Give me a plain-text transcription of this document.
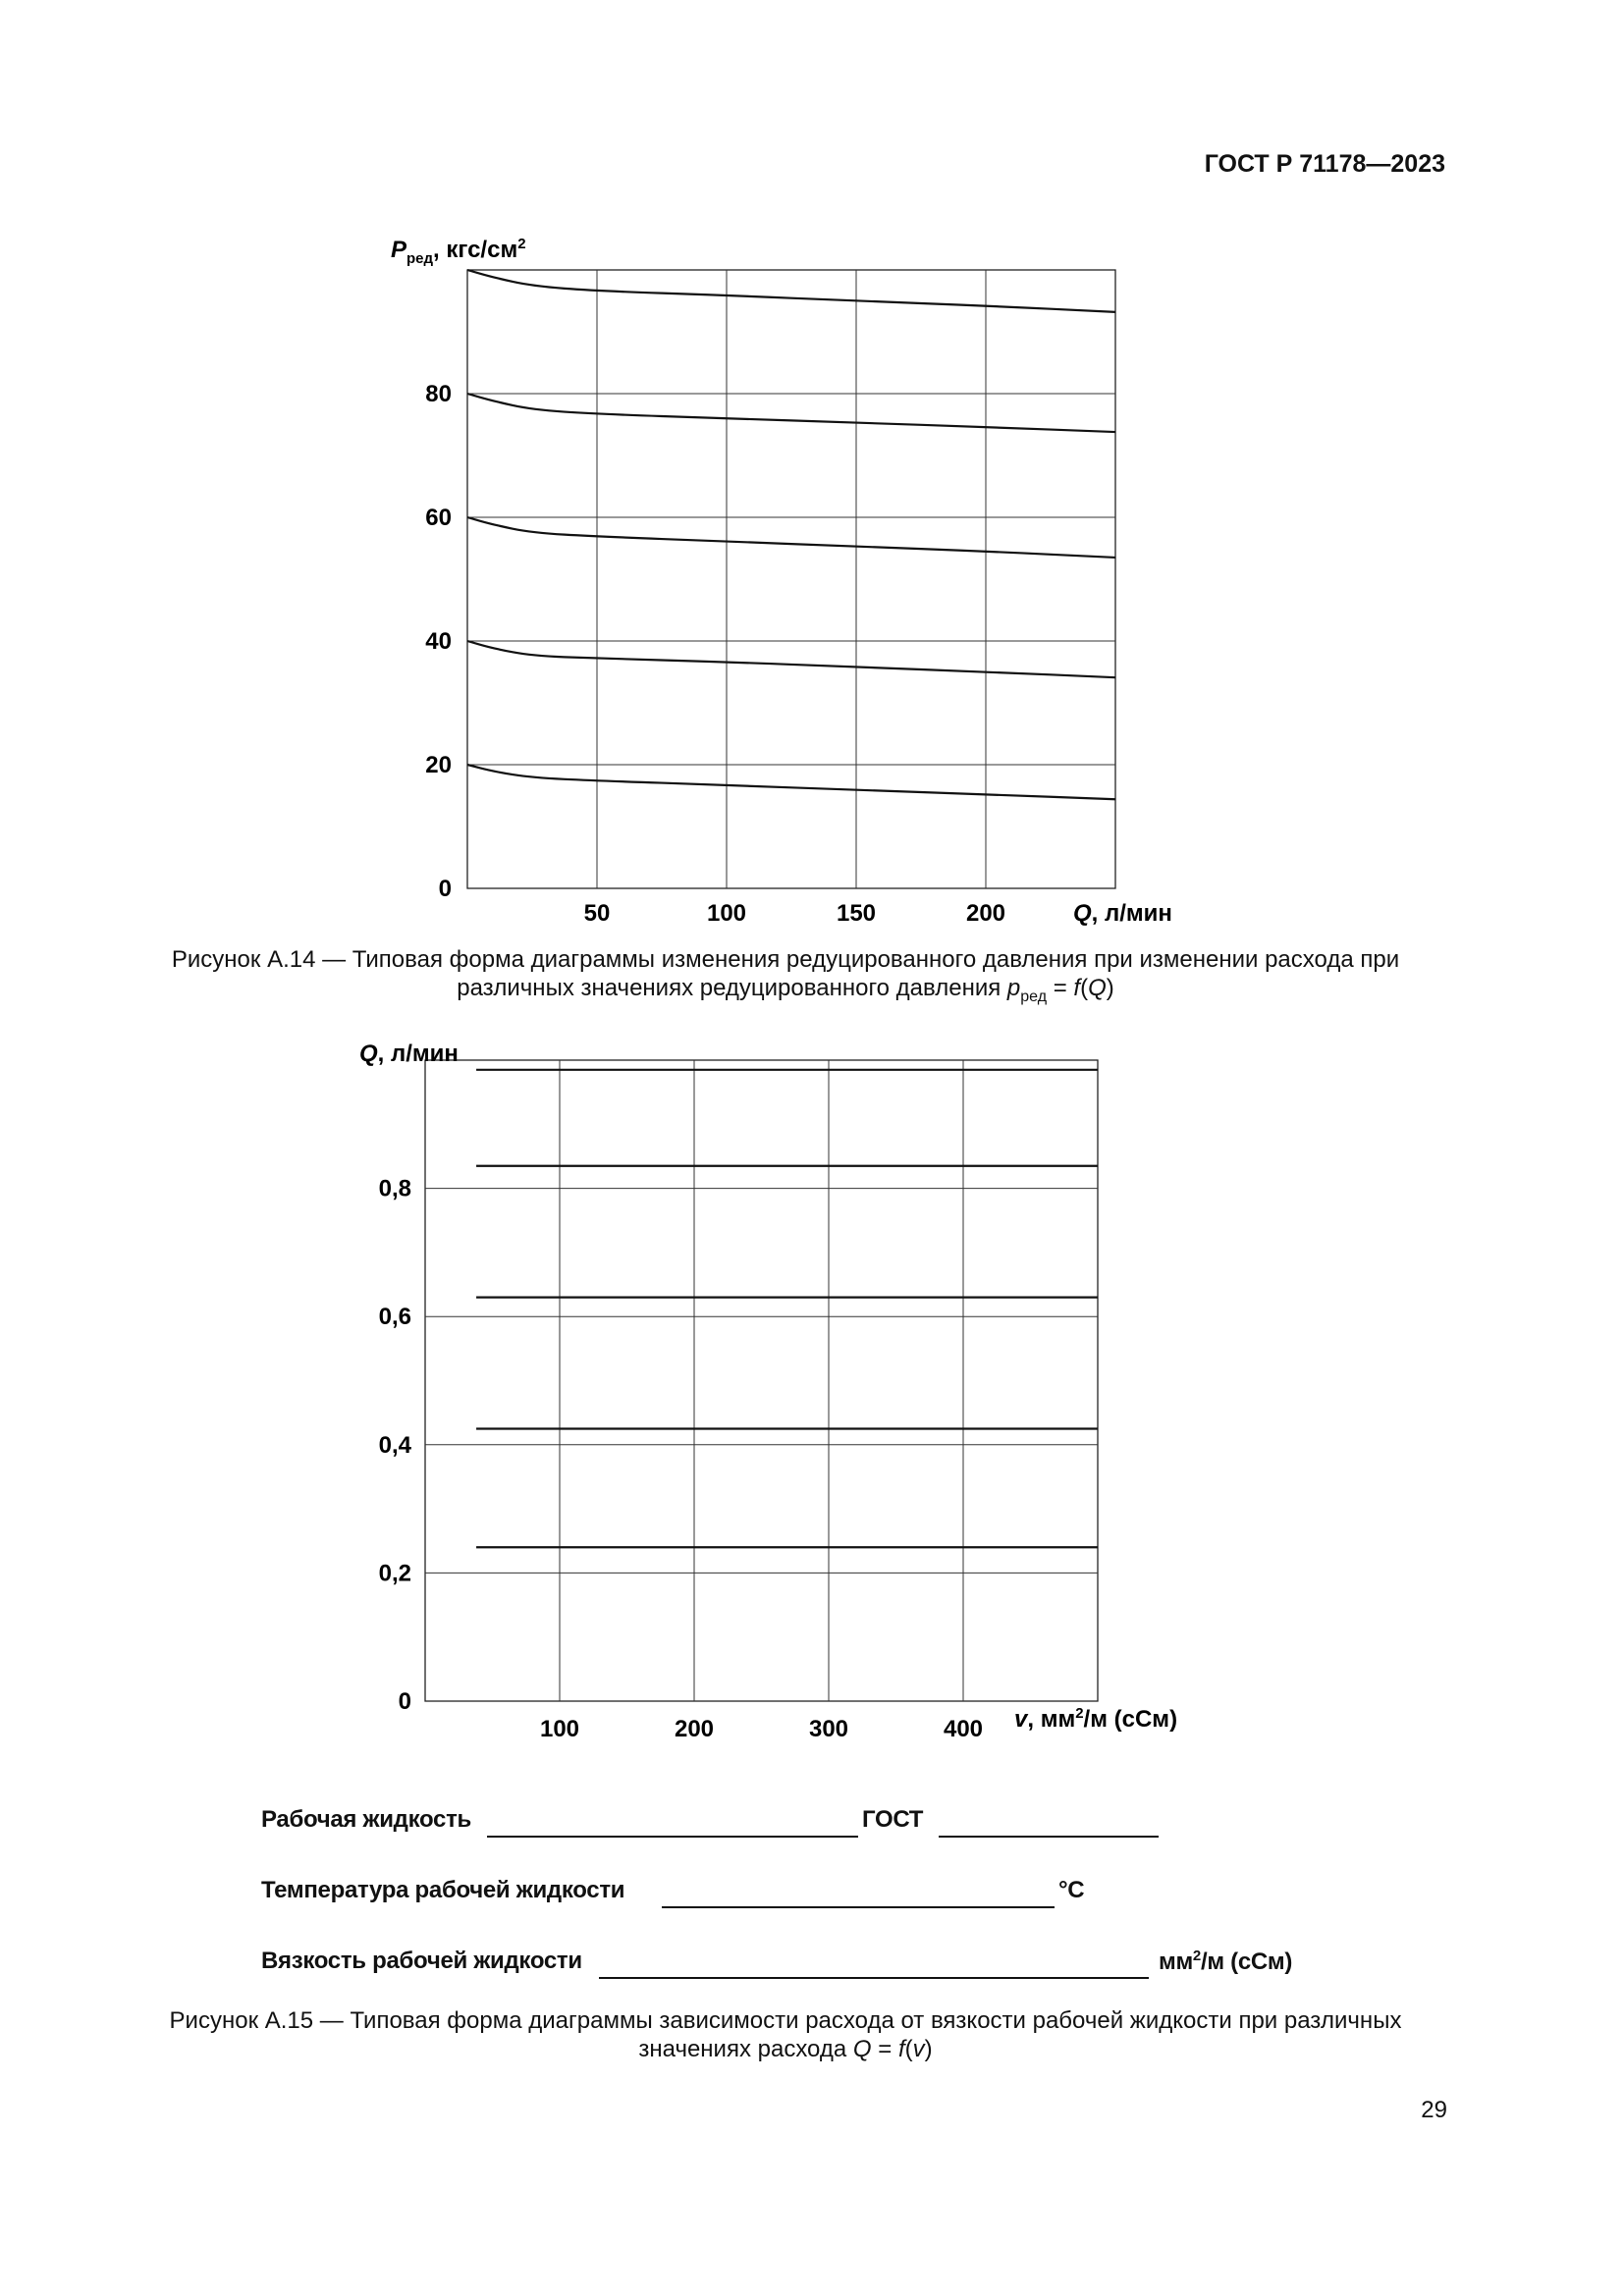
ГОСТ Р 71178—2023
50	100	150	200
0
20
40
60
80
$P_{ред}$, кгс/$см^2$
Q, л/мин
Рисунок А.14 — Типовая форма диаграммы изменения редуцированного давления при изменении расхода при
различных значениях редуцированного давления $p_{ред} = f(Q)$
100	200	300	400
0
0,2
0,4
0,6
0,8
Q, л/мин
v, $мм^2/м$ (сСм)
Рабочая жидкость	ГОСТ
Температура рабочей жидкости	°С
Вязкость рабочей жидкости	$мм^2/м$ (сСм)
Рисунок А.15 — Типовая форма диаграммы зависимости расхода от вязкости рабочей жидкости при различных
значениях расхода Q = f(v)
29
